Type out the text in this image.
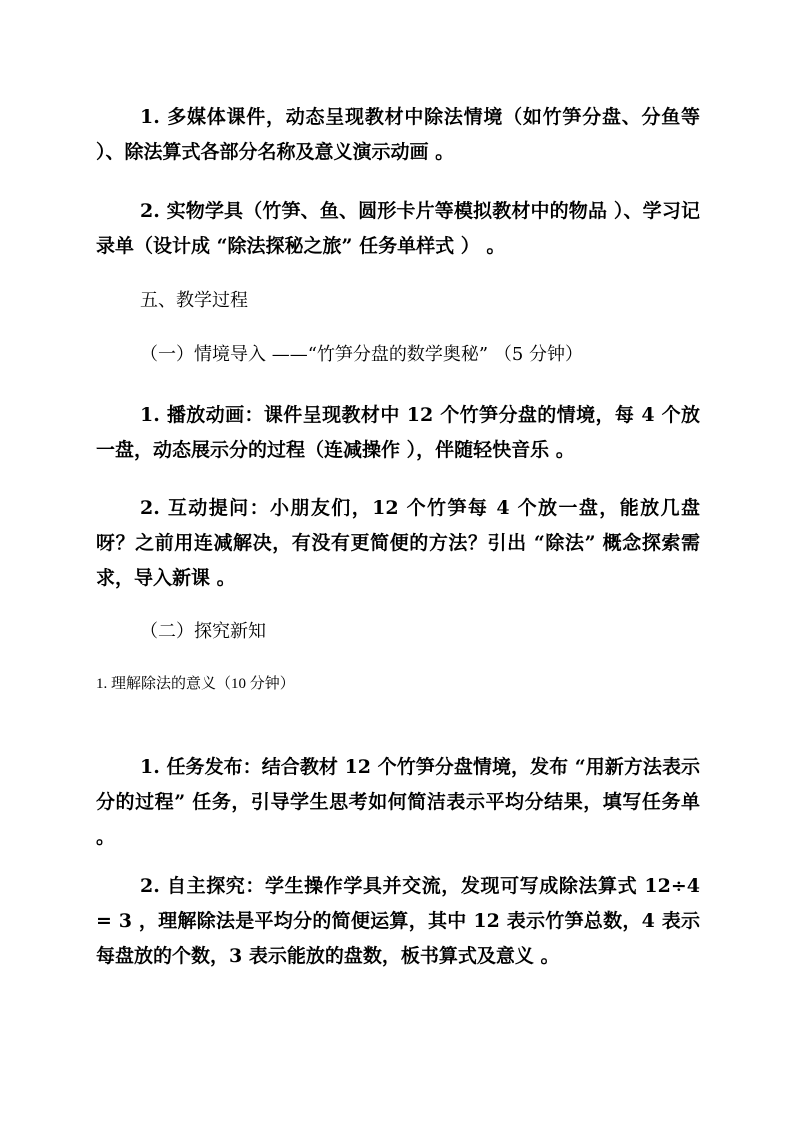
1. 多媒体课件，动态呈现教材中除法情境（如竹笋分盘、分鱼等 ）、除法算式各部分名称及意义演示动画 。

2. 实物学具（竹笋、鱼、圆形卡片等模拟教材中的物品 ）、学习记录单（设计成 “除法探秘之旅” 任务单样式 ） 。

五、教学过程

（一）情境导入 ——“竹笋分盘的数学奥秘” （5 分钟）

1. 播放动画：课件呈现教材中 12 个竹笋分盘的情境，每 4 个放一盘，动态展示分的过程（连减操作 ），伴随轻快音乐 。

2. 互动提问：小朋友们，12 个竹笋每 4 个放一盘，能放几盘呀？之前用连减解决，有没有更简便的方法？引出 “除法” 概念探索需求，导入新课 。

（二）探究新知

1. 理解除法的意义（10 分钟）

1. 任务发布：结合教材 12 个竹笋分盘情境，发布 “用新方法表示分的过程” 任务，引导学生思考如何简洁表示平均分结果，填写任务单 。

2. 自主探究：学生操作学具并交流，发现可写成除法算式 12÷4 = 3 ，理解除法是平均分的简便运算，其中 12 表示竹笋总数，4 表示每盘放的个数，3 表示能放的盘数，板书算式及意义 。
